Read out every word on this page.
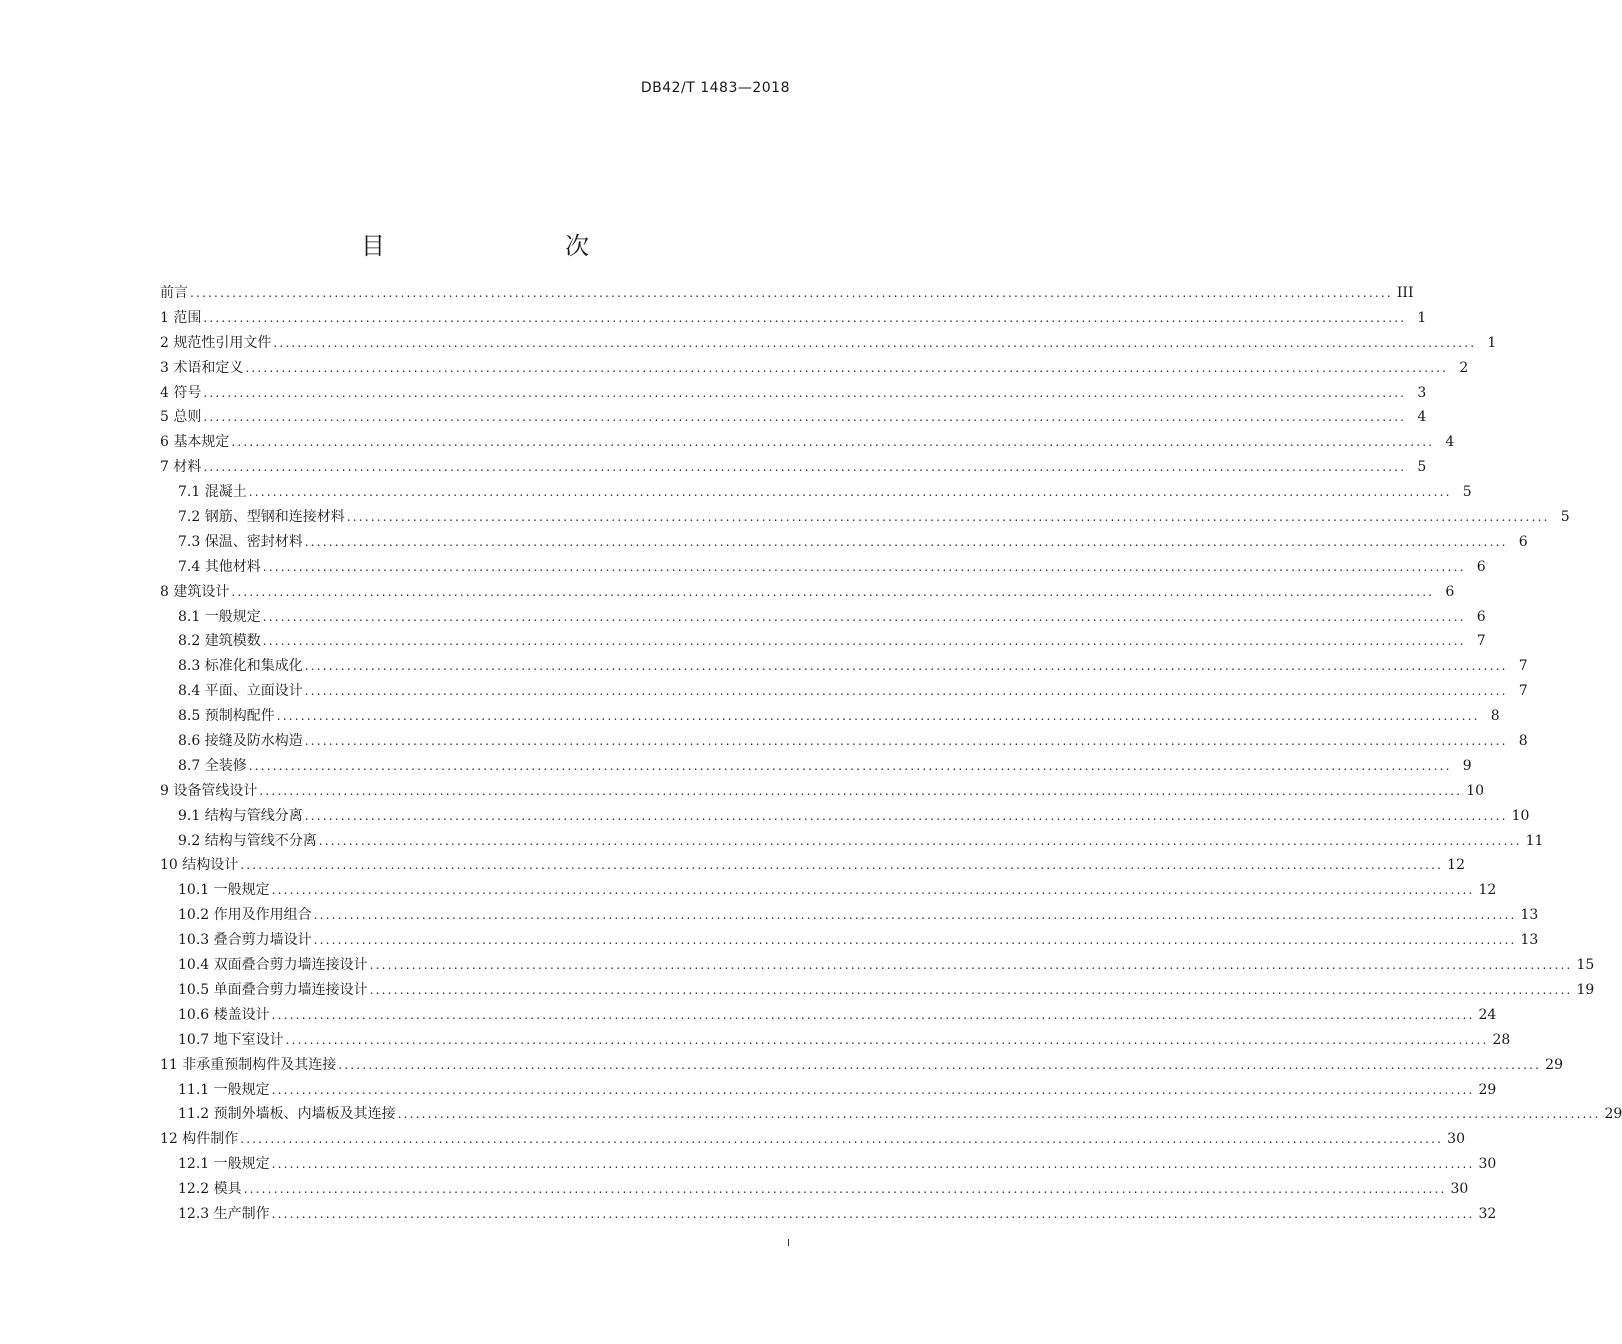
DB42/T 1483—2018
目　　次
前言 ........................................................................................................................................................................................................ III
1 范围 ........................................................................................................................................................................................................ 1
2 规范性引用文件 ........................................................................................................................................................................................................ 1
3 术语和定义 ........................................................................................................................................................................................................ 2
4 符号 ........................................................................................................................................................................................................ 3
5 总则 ........................................................................................................................................................................................................ 4
6 基本规定 ........................................................................................................................................................................................................ 4
7 材料 ........................................................................................................................................................................................................ 5
7.1 混凝土 ........................................................................................................................................................................................................ 5
7.2 钢筋、型钢和连接材料 ........................................................................................................................................................................................................ 5
7.3 保温、密封材料 ........................................................................................................................................................................................................ 6
7.4 其他材料 ........................................................................................................................................................................................................ 6
8 建筑设计 ........................................................................................................................................................................................................ 6
8.1 一般规定 ........................................................................................................................................................................................................ 6
8.2 建筑模数 ........................................................................................................................................................................................................ 7
8.3 标准化和集成化 ........................................................................................................................................................................................................ 7
8.4 平面、立面设计 ........................................................................................................................................................................................................ 7
8.5 预制构配件 ........................................................................................................................................................................................................ 8
8.6 接缝及防水构造 ........................................................................................................................................................................................................ 8
8.7 全装修 ........................................................................................................................................................................................................ 9
9 设备管线设计 ........................................................................................................................................................................................................ 10
9.1 结构与管线分离 ........................................................................................................................................................................................................ 10
9.2 结构与管线不分离 ........................................................................................................................................................................................................ 11
10 结构设计 ........................................................................................................................................................................................................ 12
10.1 一般规定 ........................................................................................................................................................................................................ 12
10.2 作用及作用组合 ........................................................................................................................................................................................................ 13
10.3 叠合剪力墙设计 ........................................................................................................................................................................................................ 13
10.4 双面叠合剪力墙连接设计 ........................................................................................................................................................................................................ 15
10.5 单面叠合剪力墙连接设计 ........................................................................................................................................................................................................ 19
10.6 楼盖设计 ........................................................................................................................................................................................................ 24
10.7 地下室设计 ........................................................................................................................................................................................................ 28
11 非承重预制构件及其连接 ........................................................................................................................................................................................................ 29
11.1 一般规定 ........................................................................................................................................................................................................ 29
11.2 预制外墙板、内墙板及其连接 ........................................................................................................................................................................................................ 29
12 构件制作 ........................................................................................................................................................................................................ 30
12.1 一般规定 ........................................................................................................................................................................................................ 30
12.2 模具 ........................................................................................................................................................................................................ 30
12.3 生产制作 ........................................................................................................................................................................................................ 32
I
